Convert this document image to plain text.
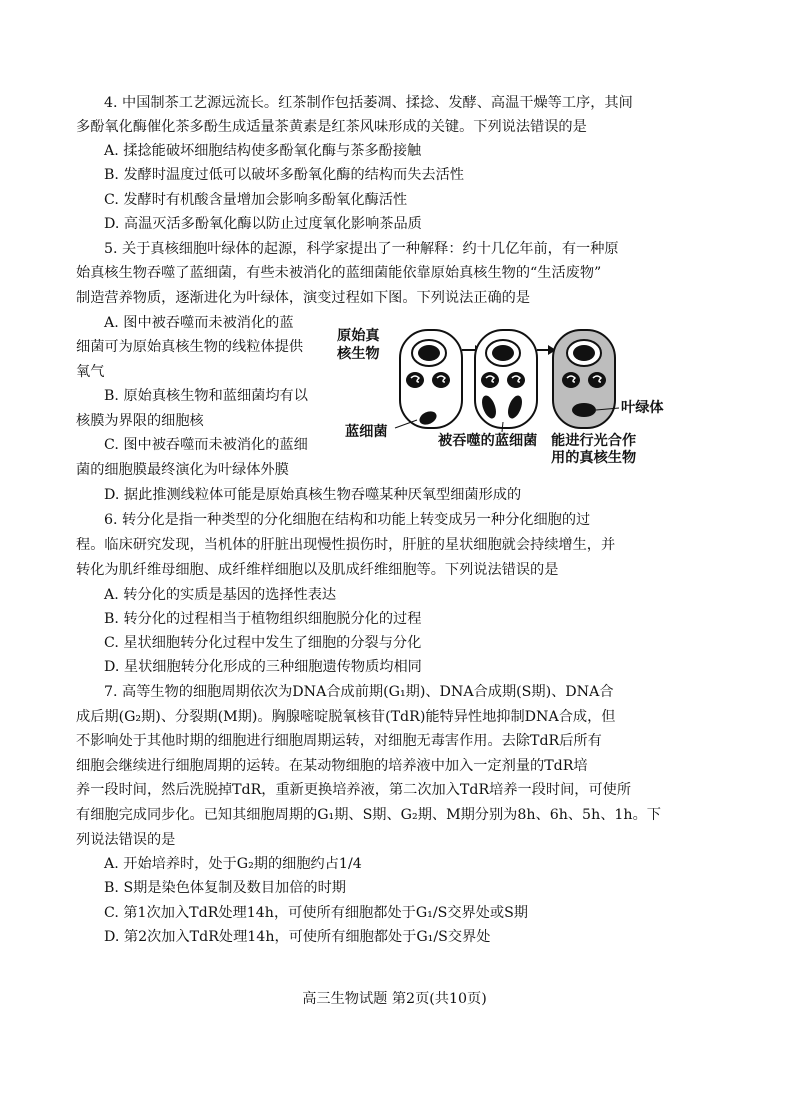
4. 中国制茶工艺源远流长。红茶制作包括萎凋、揉捻、发酵、高温干燥等工序，其间
多酚氧化酶催化茶多酚生成适量茶黄素是红茶风味形成的关键。下列说法错误的是
A. 揉捻能破坏细胞结构使多酚氧化酶与茶多酚接触
B. 发酵时温度过低可以破坏多酚氧化酶的结构而失去活性
C. 发酵时有机酸含量增加会影响多酚氧化酶活性
D. 高温灭活多酚氧化酶以防止过度氧化影响茶品质
5. 关于真核细胞叶绿体的起源，科学家提出了一种解释：约十几亿年前，有一种原
始真核生物吞噬了蓝细菌，有些未被消化的蓝细菌能依靠原始真核生物的“生活废物”
制造营养物质，逐渐进化为叶绿体，演变过程如下图。下列说法正确的是
A. 图中被吞噬而未被消化的蓝
细菌可为原始真核生物的线粒体提供
氧气
B. 原始真核生物和蓝细菌均有以
核膜为界限的细胞核
C. 图中被吞噬而未被消化的蓝细
菌的细胞膜最终演化为叶绿体外膜
D. 据此推测线粒体可能是原始真核生物吞噬某种厌氧型细菌形成的
原始真
核生物
蓝细菌
被吞噬的蓝细菌 能进行光合作
用的真核生物
叶绿体
6. 转分化是指一种类型的分化细胞在结构和功能上转变成另一种分化细胞的过
程。临床研究发现，当机体的肝脏出现慢性损伤时，肝脏的星状细胞就会持续增生，并
转化为肌纤维母细胞、成纤维样细胞以及肌成纤维细胞等。下列说法错误的是
A. 转分化的实质是基因的选择性表达
B. 转分化的过程相当于植物组织细胞脱分化的过程
C. 星状细胞转分化过程中发生了细胞的分裂与分化
D. 星状细胞转分化形成的三种细胞遗传物质均相同
7. 高等生物的细胞周期依次为DNA合成前期(G₁期)、DNA合成期(S期)、DNA合
成后期(G₂期)、分裂期(M期)。胸腺嘧啶脱氧核苷(TdR)能特异性地抑制DNA合成，但
不影响处于其他时期的细胞进行细胞周期运转，对细胞无毒害作用。去除TdR后所有
细胞会继续进行细胞周期的运转。在某动物细胞的培养液中加入一定剂量的TdR培
养一段时间，然后洗脱掉TdR，重新更换培养液，第二次加入TdR培养一段时间，可使所
有细胞完成同步化。已知其细胞周期的G₁期、S期、G₂期、M期分别为8h、6h、5h、1h。下
列说法错误的是
A. 开始培养时，处于G₂期的细胞约占1/4
B. S期是染色体复制及数目加倍的时期
C. 第1次加入TdR处理14h，可使所有细胞都处于G₁/S交界处或S期
D. 第2次加入TdR处理14h，可使所有细胞都处于G₁/S交界处
高三生物试题 第2页(共10页)
